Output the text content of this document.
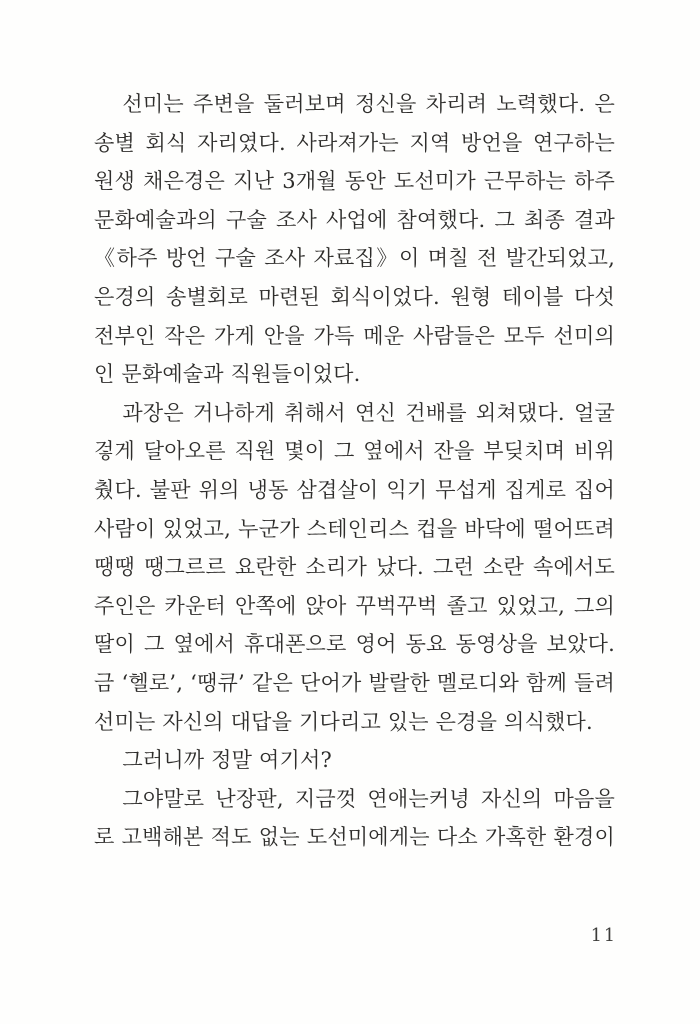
선미는 주변을 둘러보며 정신을 차리려 노력했다. 은
송별 회식 자리였다. 사라져가는 지역 방언을 연구하는
원생 채은경은 지난 3개월 동안 도선미가 근무하는 하주
문화예술과의 구술 조사 사업에 참여했다. 그 최종 결과
《하주 방언 구술 조사 자료집》이 며칠 전 발간되었고,
은경의 송별회로 마련된 회식이었다. 원형 테이블 다섯
전부인 작은 가게 안을 가득 메운 사람들은 모두 선미의
인 문화예술과 직원들이었다.
과장은 거나하게 취해서 연신 건배를 외쳐댔다. 얼굴
겋게 달아오른 직원 몇이 그 옆에서 잔을 부딪치며 비위
췄다. 불판 위의 냉동 삼겹살이 익기 무섭게 집게로 집어
사람이 있었고, 누군가 스테인리스 컵을 바닥에 떨어뜨려
땡땡 땡그르르 요란한 소리가 났다. 그런 소란 속에서도
주인은 카운터 안쪽에 앉아 꾸벅꾸벅 졸고 있었고, 그의
딸이 그 옆에서 휴대폰으로 영어 동요 동영상을 보았다.
금 ‘헬로’, ‘땡큐’ 같은 단어가 발랄한 멜로디와 함께 들려
선미는 자신의 대답을 기다리고 있는 은경을 의식했다.
그러니까 정말 여기서?
그야말로 난장판, 지금껏 연애는커녕 자신의 마음을
로 고백해본 적도 없는 도선미에게는 다소 가혹한 환경이
11
